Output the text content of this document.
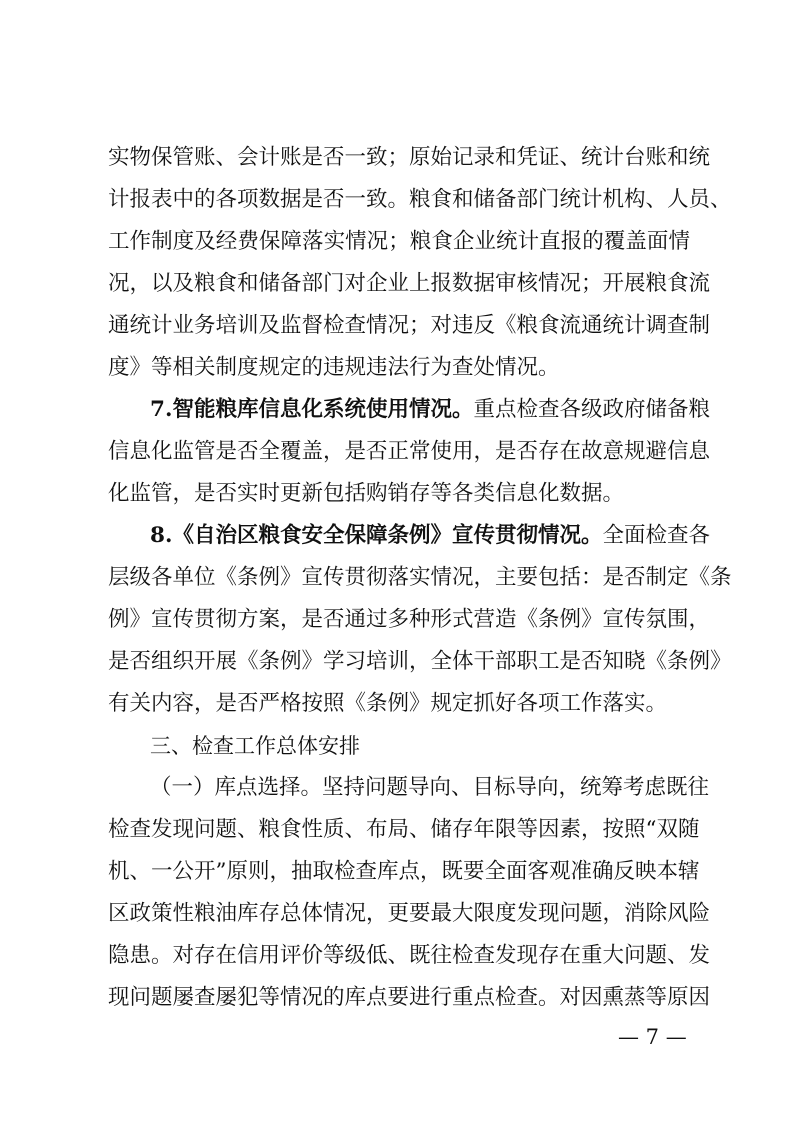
实物保管账、会计账是否一致；原始记录和凭证、统计台账和统
计报表中的各项数据是否一致。粮食和储备部门统计机构、人员、
工作制度及经费保障落实情况；粮食企业统计直报的覆盖面情
况，以及粮食和储备部门对企业上报数据审核情况；开展粮食流
通统计业务培训及监督检查情况；对违反《粮食流通统计调查制
度》等相关制度规定的违规违法行为查处情况。
7.智能粮库信息化系统使用情况。重点检查各级政府储备粮
信息化监管是否全覆盖，是否正常使用，是否存在故意规避信息
化监管，是否实时更新包括购销存等各类信息化数据。
8.《自治区粮食安全保障条例》宣传贯彻情况。全面检查各
层级各单位《条例》宣传贯彻落实情况，主要包括：是否制定《条
例》宣传贯彻方案，是否通过多种形式营造《条例》宣传氛围，
是否组织开展《条例》学习培训，全体干部职工是否知晓《条例》
有关内容，是否严格按照《条例》规定抓好各项工作落实。
三、检查工作总体安排
（一）库点选择。坚持问题导向、目标导向，统筹考虑既往
检查发现问题、粮食性质、布局、储存年限等因素，按照“双随
机、一公开”原则，抽取检查库点，既要全面客观准确反映本辖
区政策性粮油库存总体情况，更要最大限度发现问题，消除风险
隐患。对存在信用评价等级低、既往检查发现存在重大问题、发
现问题屡查屡犯等情况的库点要进行重点检查。对因熏蒸等原因
— 7 —
